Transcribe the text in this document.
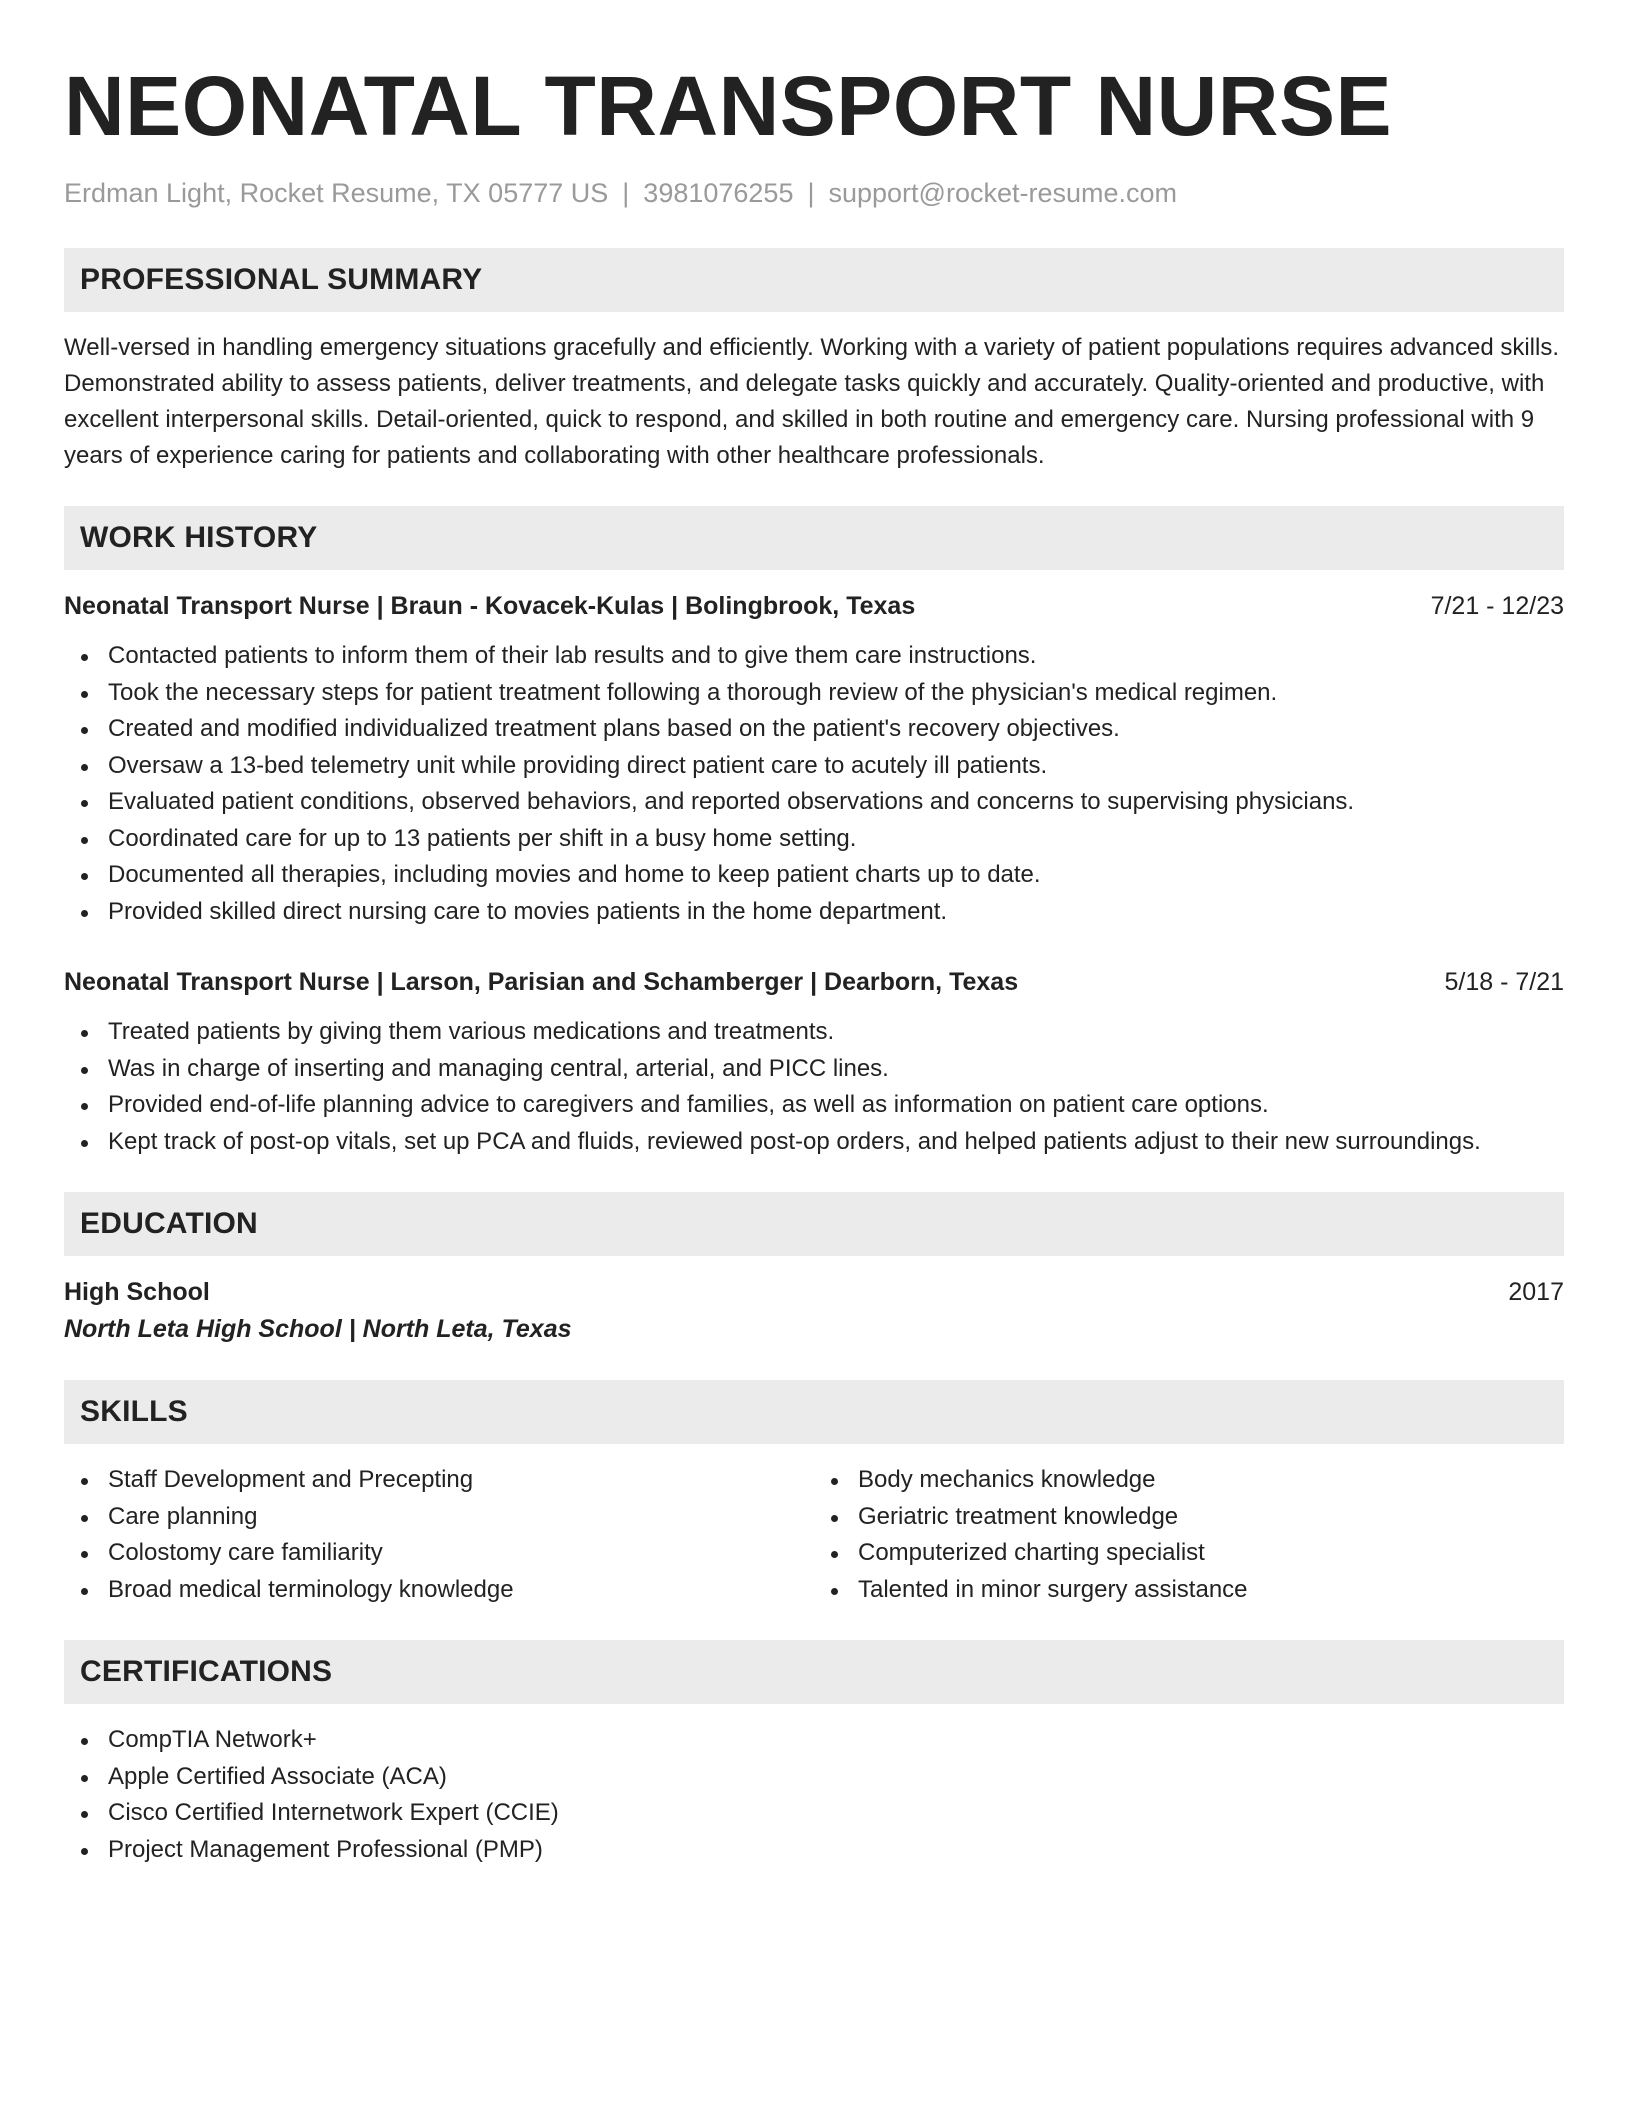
NEONATAL TRANSPORT NURSE
Erdman Light, Rocket Resume, TX 05777 US | 3981076255 | support@rocket-resume.com
PROFESSIONAL SUMMARY
Well-versed in handling emergency situations gracefully and efficiently. Working with a variety of patient populations requires advanced skills. Demonstrated ability to assess patients, deliver treatments, and delegate tasks quickly and accurately. Quality-oriented and productive, with excellent interpersonal skills. Detail-oriented, quick to respond, and skilled in both routine and emergency care. Nursing professional with 9 years of experience caring for patients and collaborating with other healthcare professionals.
WORK HISTORY
Neonatal Transport Nurse | Braun - Kovacek-Kulas | Bolingbrook, Texas	7/21 - 12/23
Contacted patients to inform them of their lab results and to give them care instructions.
Took the necessary steps for patient treatment following a thorough review of the physician's medical regimen.
Created and modified individualized treatment plans based on the patient's recovery objectives.
Oversaw a 13-bed telemetry unit while providing direct patient care to acutely ill patients.
Evaluated patient conditions, observed behaviors, and reported observations and concerns to supervising physicians.
Coordinated care for up to 13 patients per shift in a busy home setting.
Documented all therapies, including movies and home to keep patient charts up to date.
Provided skilled direct nursing care to movies patients in the home department.
Neonatal Transport Nurse | Larson, Parisian and Schamberger | Dearborn, Texas	5/18 - 7/21
Treated patients by giving them various medications and treatments.
Was in charge of inserting and managing central, arterial, and PICC lines.
Provided end-of-life planning advice to caregivers and families, as well as information on patient care options.
Kept track of post-op vitals, set up PCA and fluids, reviewed post-op orders, and helped patients adjust to their new surroundings.
EDUCATION
High School	2017
North Leta High School | North Leta, Texas
SKILLS
Staff Development and Precepting
Care planning
Colostomy care familiarity
Broad medical terminology knowledge
Body mechanics knowledge
Geriatric treatment knowledge
Computerized charting specialist
Talented in minor surgery assistance
CERTIFICATIONS
CompTIA Network+
Apple Certified Associate (ACA)
Cisco Certified Internetwork Expert (CCIE)
Project Management Professional (PMP)
